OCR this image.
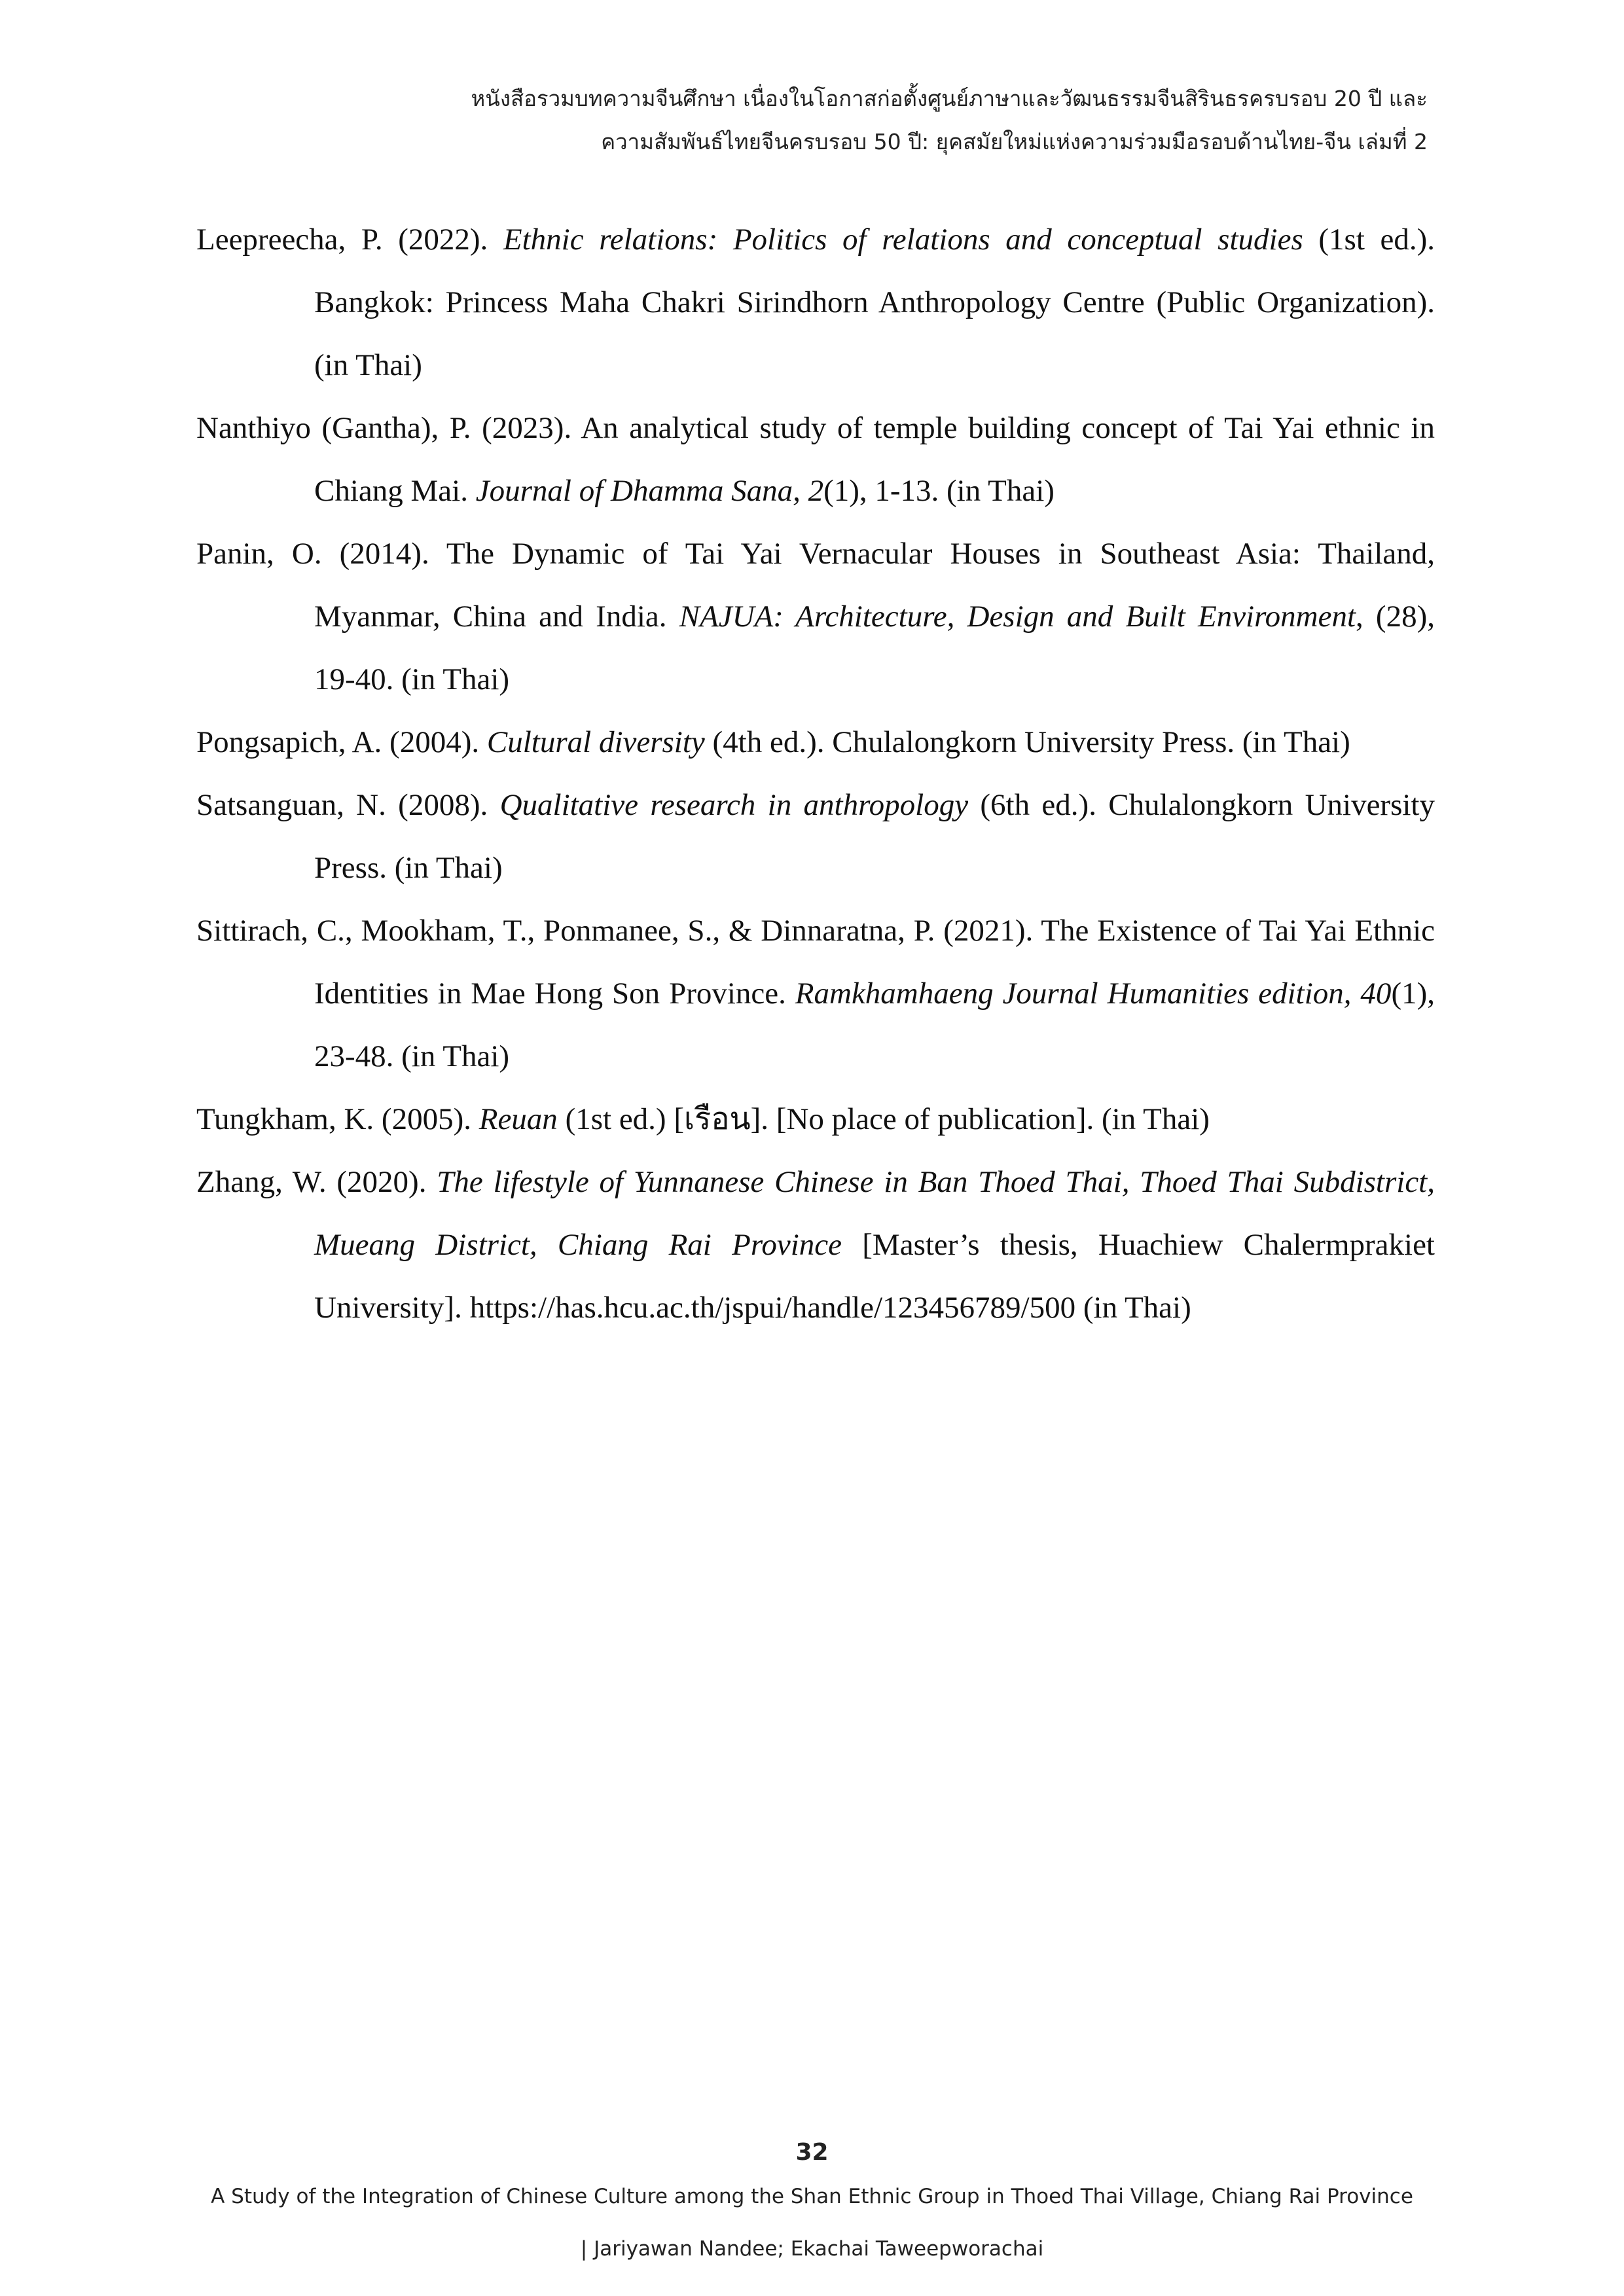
หนังสือรวมบทความจีนศึกษา เนื่องในโอกาสก่อตั้งศูนย์ภาษาและวัฒนธรรมจีนสิรินธรครบรอบ 20 ปี และ
ความสัมพันธ์ไทยจีนครบรอบ 50 ปี: ยุคสมัยใหม่แห่งความร่วมมือรอบด้านไทย-จีน เล่มที่ 2

Leepreecha, P. (2022). Ethnic relations: Politics of relations and conceptual studies (1st ed.). Bangkok: Princess Maha Chakri Sirindhorn Anthropology Centre (Public Organization). (in Thai)

Nanthiyo (Gantha), P. (2023). An analytical study of temple building concept of Tai Yai ethnic in Chiang Mai. Journal of Dhamma Sana, 2(1), 1-13. (in Thai)

Panin, O. (2014). The Dynamic of Tai Yai Vernacular Houses in Southeast Asia: Thailand, Myanmar, China and India. NAJUA: Architecture, Design and Built Environment, (28), 19-40. (in Thai)

Pongsapich, A. (2004). Cultural diversity (4th ed.). Chulalongkorn University Press. (in Thai)

Satsanguan, N. (2008). Qualitative research in anthropology (6th ed.). Chulalongkorn University Press. (in Thai)

Sittirach, C., Mookham, T., Ponmanee, S., & Dinnaratna, P. (2021). The Existence of Tai Yai Ethnic Identities in Mae Hong Son Province. Ramkhamhaeng Journal Humanities edition, 40(1), 23-48. (in Thai)

Tungkham, K. (2005). Reuan (1st ed.) [เรือน]. [No place of publication]. (in Thai)

Zhang, W. (2020). The lifestyle of Yunnanese Chinese in Ban Thoed Thai, Thoed Thai Subdistrict, Mueang District, Chiang Rai Province [Master’s thesis, Huachiew Chalermprakiet University]. https://has.hcu.ac.th/jspui/handle/123456789/500 (in Thai)

32
A Study of the Integration of Chinese Culture among the Shan Ethnic Group in Thoed Thai Village, Chiang Rai Province
| Jariyawan Nandee; Ekachai Taweepworachai
